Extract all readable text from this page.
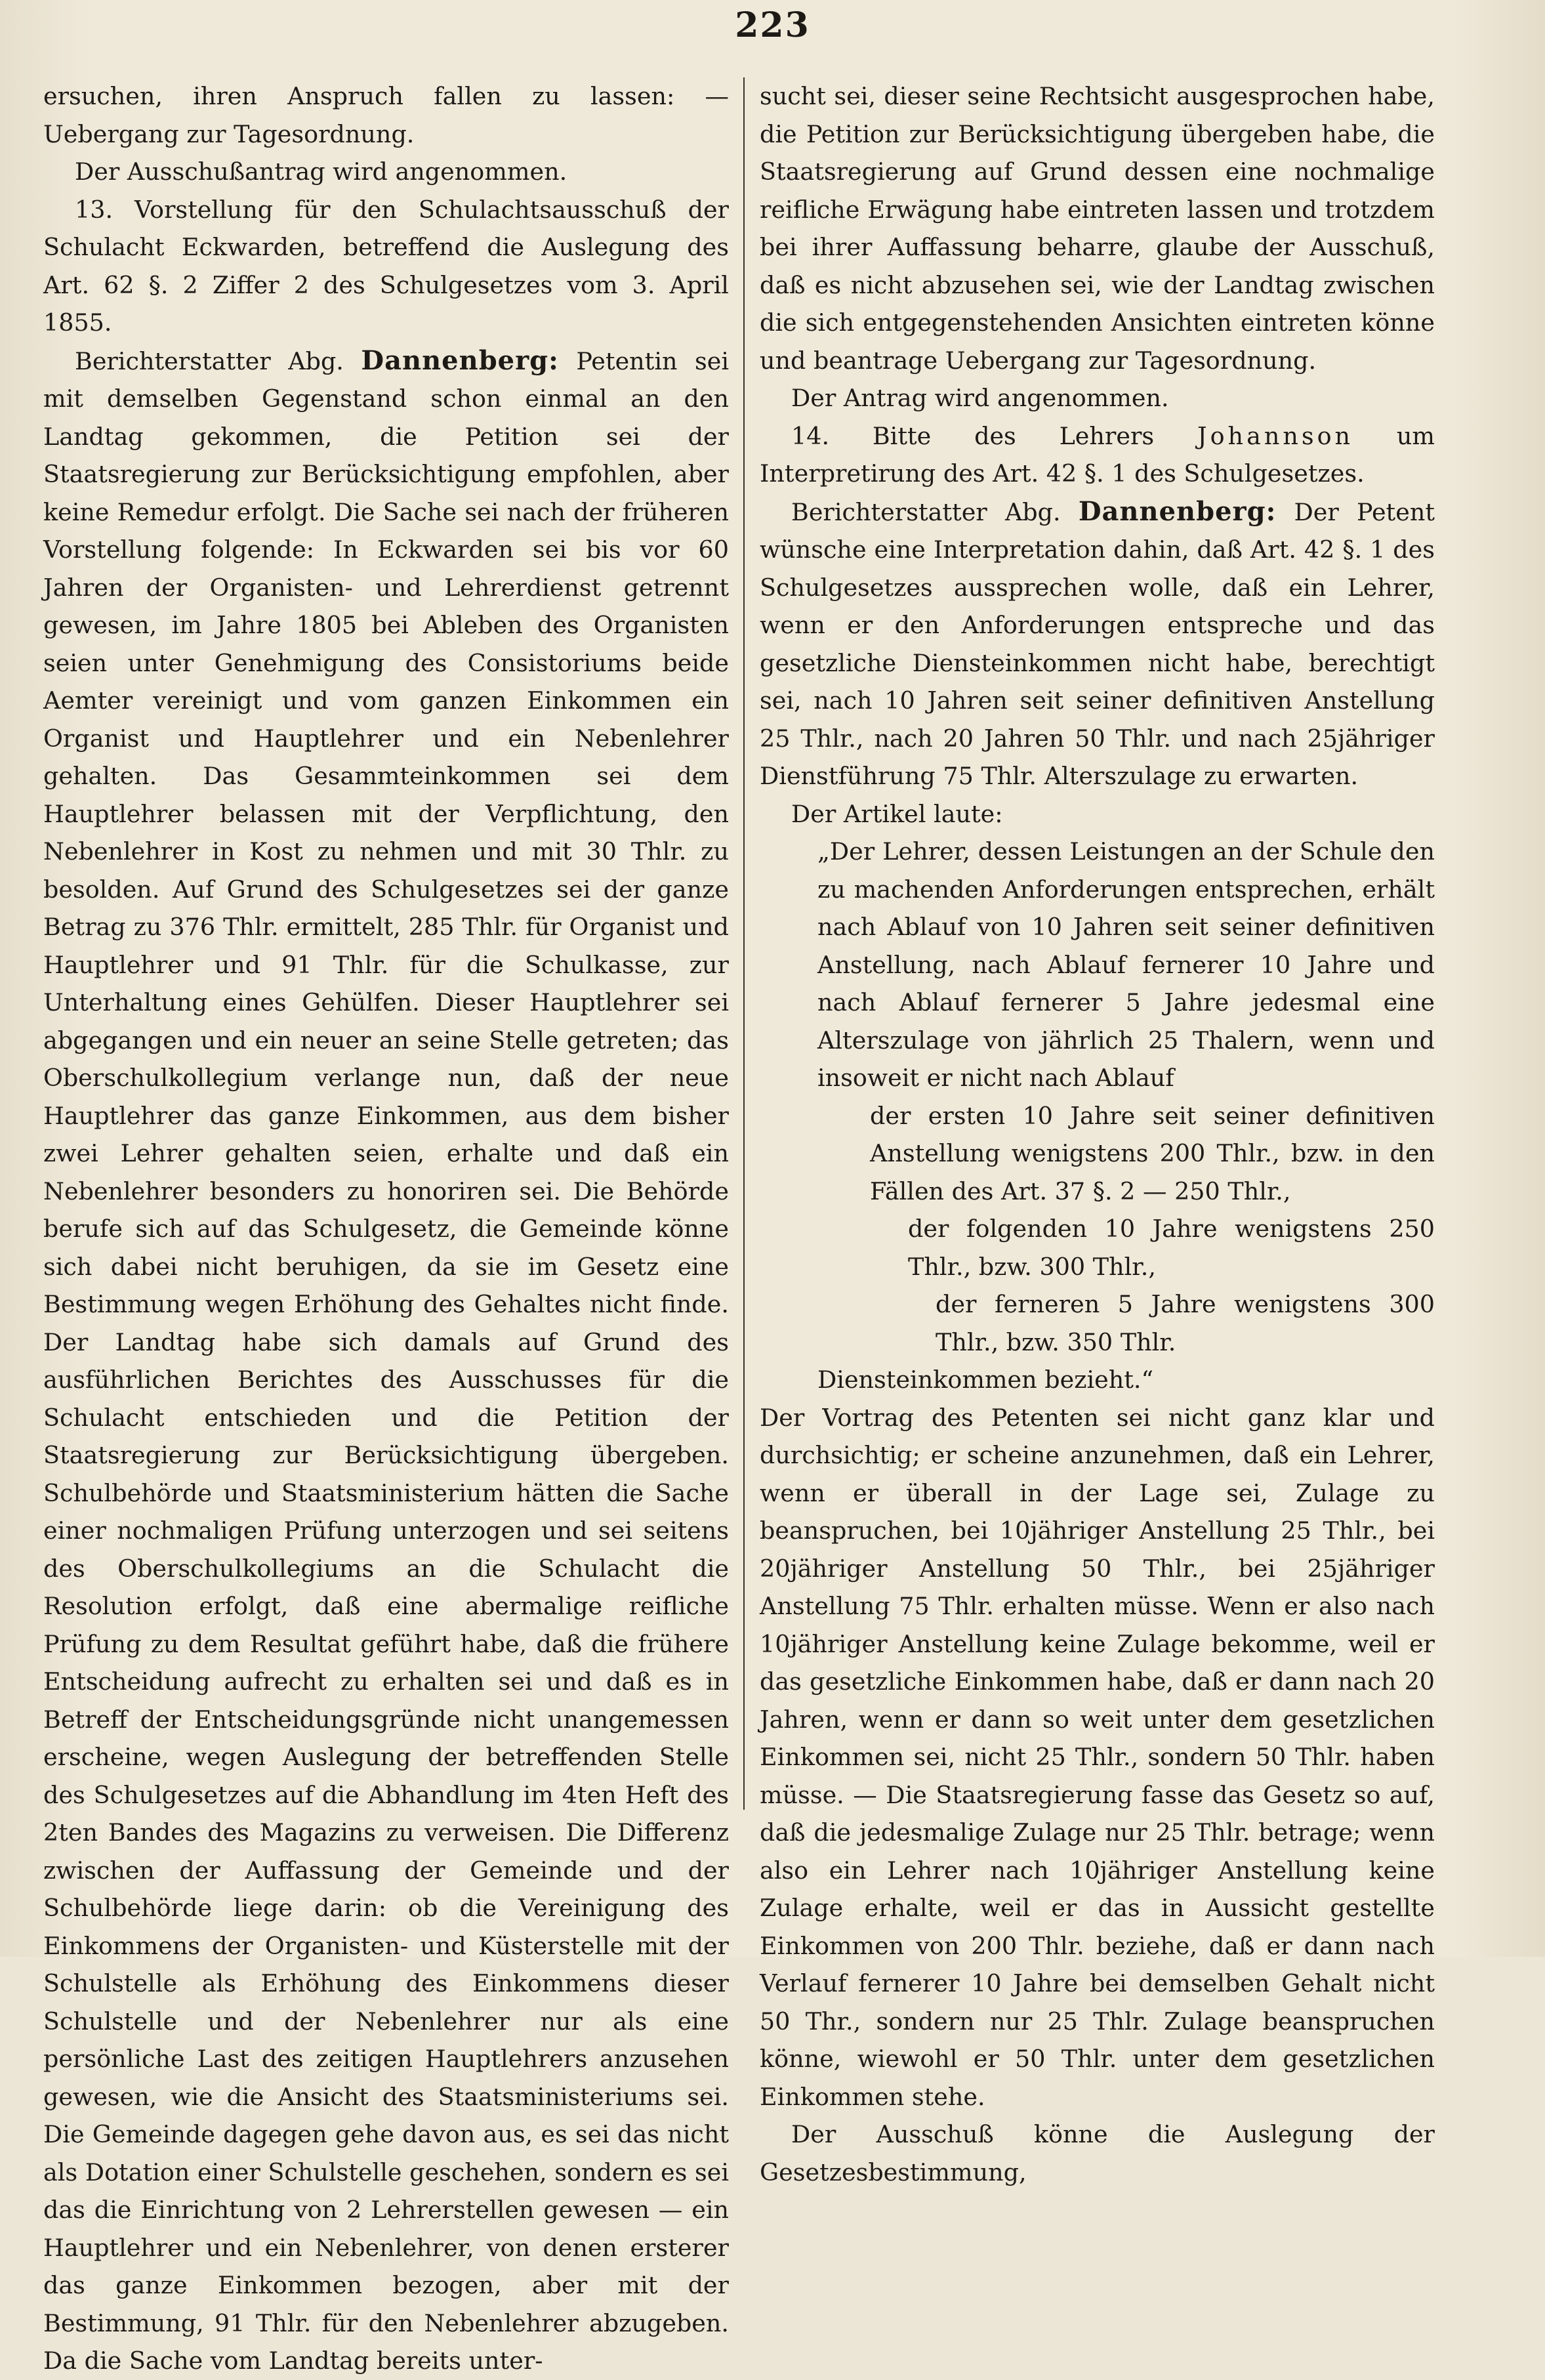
223

ersuchen, ihren Anspruch fallen zu lassen: — Uebergang zur Tagesordnung.

Der Ausschußantrag wird angenommen.

13. Vorstellung für den Schulachtsausschuß der Schulacht Eckwarden, betreffend die Auslegung des Art. 62 §. 2 Ziffer 2 des Schulgesetzes vom 3. April 1855.

Berichterstatter Abg. Dannenberg: Petentin sei mit demselben Gegenstand schon einmal an den Landtag gekommen, die Petition sei der Staatsregierung zur Berücksichtigung empfohlen, aber keine Remedur erfolgt. Die Sache sei nach der früheren Vorstellung folgende: In Eckwarden sei bis vor 60 Jahren der Organisten- und Lehrerdienst getrennt gewesen, im Jahre 1805 bei Ableben des Organisten seien unter Genehmigung des Consistoriums beide Aemter vereinigt und vom ganzen Einkommen ein Organist und Hauptlehrer und ein Nebenlehrer gehalten. Das Gesammteinkommen sei dem Hauptlehrer belassen mit der Verpflichtung, den Nebenlehrer in Kost zu nehmen und mit 30 Thlr. zu besolden. Auf Grund des Schulgesetzes sei der ganze Betrag zu 376 Thlr. ermittelt, 285 Thlr. für Organist und Hauptlehrer und 91 Thlr. für die Schulkasse, zur Unterhaltung eines Gehülfen. Dieser Hauptlehrer sei abgegangen und ein neuer an seine Stelle getreten; das Oberschulkollegium verlange nun, daß der neue Hauptlehrer das ganze Einkommen, aus dem bisher zwei Lehrer gehalten seien, erhalte und daß ein Nebenlehrer besonders zu honoriren sei. Die Behörde berufe sich auf das Schulgesetz, die Gemeinde könne sich dabei nicht beruhigen, da sie im Gesetz eine Bestimmung wegen Erhöhung des Gehaltes nicht finde. Der Landtag habe sich damals auf Grund des ausführlichen Berichtes des Ausschusses für die Schulacht entschieden und die Petition der Staatsregierung zur Berücksichtigung übergeben. Schulbehörde und Staatsministerium hätten die Sache einer nochmaligen Prüfung unterzogen und sei seitens des Oberschulkollegiums an die Schulacht die Resolution erfolgt, daß eine abermalige reifliche Prüfung zu dem Resultat geführt habe, daß die frühere Entscheidung aufrecht zu erhalten sei und daß es in Betreff der Entscheidungsgründe nicht unangemessen erscheine, wegen Auslegung der betreffenden Stelle des Schulgesetzes auf die Abhandlung im 4ten Heft des 2ten Bandes des Magazins zu verweisen. Die Differenz zwischen der Auffassung der Gemeinde und der Schulbehörde liege darin: ob die Vereinigung des Einkommens der Organisten- und Küsterstelle mit der Schulstelle als Erhöhung des Einkommens dieser Schulstelle und der Nebenlehrer nur als eine persönliche Last des zeitigen Hauptlehrers anzusehen gewesen, wie die Ansicht des Staatsministeriums sei. Die Gemeinde dagegen gehe davon aus, es sei das nicht als Dotation einer Schulstelle geschehen, sondern es sei das die Einrichtung von 2 Lehrerstellen gewesen — ein Hauptlehrer und ein Nebenlehrer, von denen ersterer das ganze Einkommen bezogen, aber mit der Bestimmung, 91 Thlr. für den Nebenlehrer abzugeben. Da die Sache vom Landtag bereits unter-

sucht sei, dieser seine Rechtsicht ausgesprochen habe, die Petition zur Berücksichtigung übergeben habe, die Staatsregierung auf Grund dessen eine nochmalige reifliche Erwägung habe eintreten lassen und trotzdem bei ihrer Auffassung beharre, glaube der Ausschuß, daß es nicht abzusehen sei, wie der Landtag zwischen die sich entgegenstehenden Ansichten eintreten könne und beantrage Uebergang zur Tagesordnung.

Der Antrag wird angenommen.

14. Bitte des Lehrers Johannson um Interpretirung des Art. 42 §. 1 des Schulgesetzes.

Berichterstatter Abg. Dannenberg: Der Petent wünsche eine Interpretation dahin, daß Art. 42 §. 1 des Schulgesetzes aussprechen wolle, daß ein Lehrer, wenn er den Anforderungen entspreche und das gesetzliche Diensteinkommen nicht habe, berechtigt sei, nach 10 Jahren seit seiner definitiven Anstellung 25 Thlr., nach 20 Jahren 50 Thlr. und nach 25jähriger Dienstführung 75 Thlr. Alterszulage zu erwarten.

Der Artikel laute:

„Der Lehrer, dessen Leistungen an der Schule den zu machenden Anforderungen entsprechen, erhält nach Ablauf von 10 Jahren seit seiner definitiven Anstellung, nach Ablauf fernerer 10 Jahre und nach Ablauf fernerer 5 Jahre jedesmal eine Alterszulage von jährlich 25 Thalern, wenn und insoweit er nicht nach Ablauf

der ersten 10 Jahre seit seiner definitiven Anstellung wenigstens 200 Thlr., bzw. in den Fällen des Art. 37 §. 2 — 250 Thlr.,

der folgenden 10 Jahre wenigstens 250 Thlr., bzw. 300 Thlr.,

der ferneren 5 Jahre wenigstens 300 Thlr., bzw. 350 Thlr.

Diensteinkommen bezieht.“

Der Vortrag des Petenten sei nicht ganz klar und durchsichtig; er scheine anzunehmen, daß ein Lehrer, wenn er überall in der Lage sei, Zulage zu beanspruchen, bei 10jähriger Anstellung 25 Thlr., bei 20jähriger Anstellung 50 Thlr., bei 25jähriger Anstellung 75 Thlr. erhalten müsse. Wenn er also nach 10jähriger Anstellung keine Zulage bekomme, weil er das gesetzliche Einkommen habe, daß er dann nach 20 Jahren, wenn er dann so weit unter dem gesetzlichen Einkommen sei, nicht 25 Thlr., sondern 50 Thlr. haben müsse. — Die Staatsregierung fasse das Gesetz so auf, daß die jedesmalige Zulage nur 25 Thlr. betrage; wenn also ein Lehrer nach 10jähriger Anstellung keine Zulage erhalte, weil er das in Aussicht gestellte Einkommen von 200 Thlr. beziehe, daß er dann nach Verlauf fernerer 10 Jahre bei demselben Gehalt nicht 50 Thr., sondern nur 25 Thlr. Zulage beanspruchen könne, wiewohl er 50 Thlr. unter dem gesetzlichen Einkommen stehe.

Der Ausschuß könne die Auslegung der Gesetzesbestimmung,
